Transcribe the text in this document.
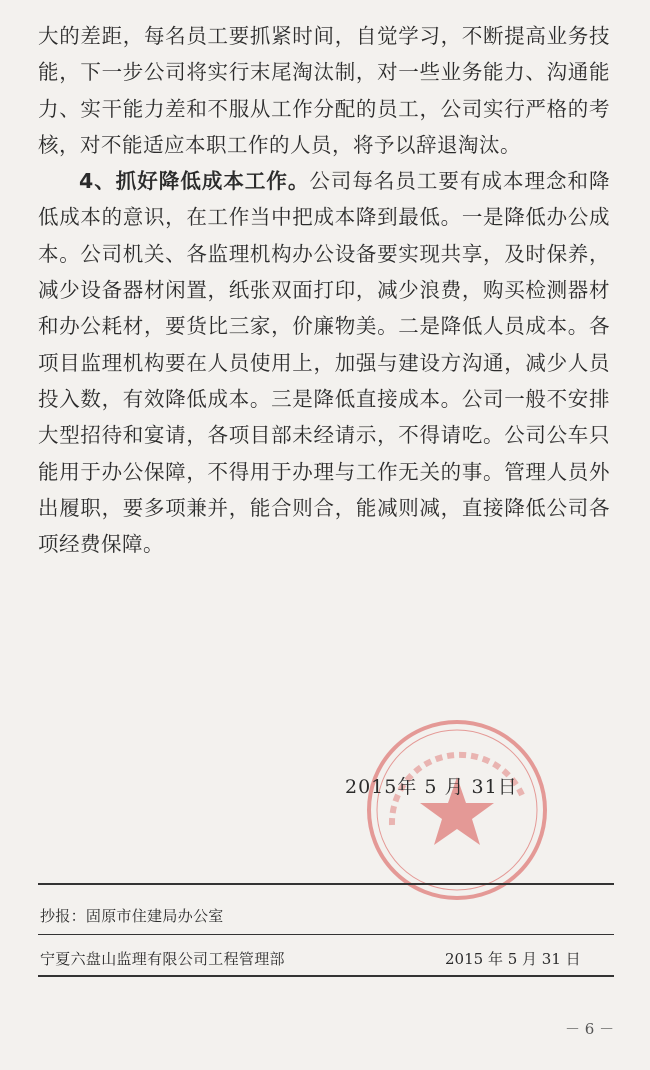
大的差距，每名员工要抓紧时间，自觉学习，不断提高业务技能，下一步公司将实行末尾淘汰制，对一些业务能力、沟通能力、实干能力差和不服从工作分配的员工，公司实行严格的考核，对不能适应本职工作的人员，将予以辞退淘汰。

4、抓好降低成本工作。公司每名员工要有成本理念和降低成本的意识，在工作当中把成本降到最低。一是降低办公成本。公司机关、各监理机构办公设备要实现共享，及时保养，减少设备器材闲置，纸张双面打印，减少浪费，购买检测器材和办公耗材，要货比三家，价廉物美。二是降低人员成本。各项目监理机构要在人员使用上，加强与建设方沟通，减少人员投入数，有效降低成本。三是降低直接成本。公司一般不安排大型招待和宴请，各项目部未经请示，不得请吃。公司公车只能用于办公保障，不得用于办理与工作无关的事。管理人员外出履职，要多项兼并，能合则合，能减则减，直接降低公司各项经费保障。

2015年 5 月 31日
抄报：固原市住建局办公室
宁夏六盘山监理有限公司工程管理部	2015 年 5 月 31 日
－ 6 －
